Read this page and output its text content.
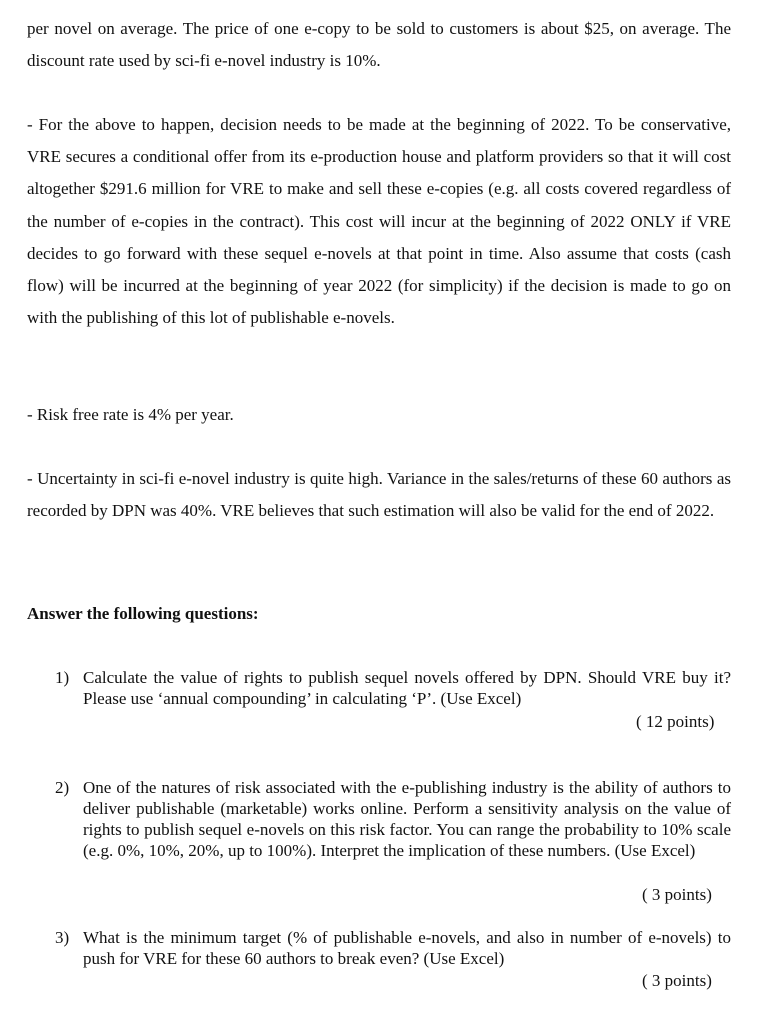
per novel on average. The price of one e-copy to be sold to customers is about $25, on average. The discount rate used by sci-fi e-novel industry is 10%.

- For the above to happen, decision needs to be made at the beginning of 2022. To be conservative, VRE secures a conditional offer from its e-production house and platform providers so that it will cost altogether $291.6 million for VRE to make and sell these e-copies (e.g. all costs covered regardless of the number of e-copies in the contract). This cost will incur at the beginning of 2022 ONLY if VRE decides to go forward with these sequel e-novels at that point in time. Also assume that costs (cash flow) will be incurred at the beginning of year 2022 (for simplicity) if the decision is made to go on with the publishing of this lot of publishable e-novels.

- Risk free rate is 4% per year.

- Uncertainty in sci-fi e-novel industry is quite high. Variance in the sales/returns of these 60 authors as recorded by DPN was 40%. VRE believes that such estimation will also be valid for the end of 2022.

Answer the following questions:

1) Calculate the value of rights to publish sequel novels offered by DPN. Should VRE buy it? Please use ‘annual compounding’ in calculating ‘P’. (Use Excel)
( 12 points)
2) One of the natures of risk associated with the e-publishing industry is the ability of authors to deliver publishable (marketable) works online. Perform a sensitivity analysis on the value of rights to publish sequel e-novels on this risk factor. You can range the probability to 10% scale (e.g. 0%, 10%, 20%, up to 100%). Interpret the implication of these numbers. (Use Excel)
( 3 points)
3) What is the minimum target (% of publishable e-novels, and also in number of e-novels) to push for VRE for these 60 authors to break even? (Use Excel)
( 3 points)
